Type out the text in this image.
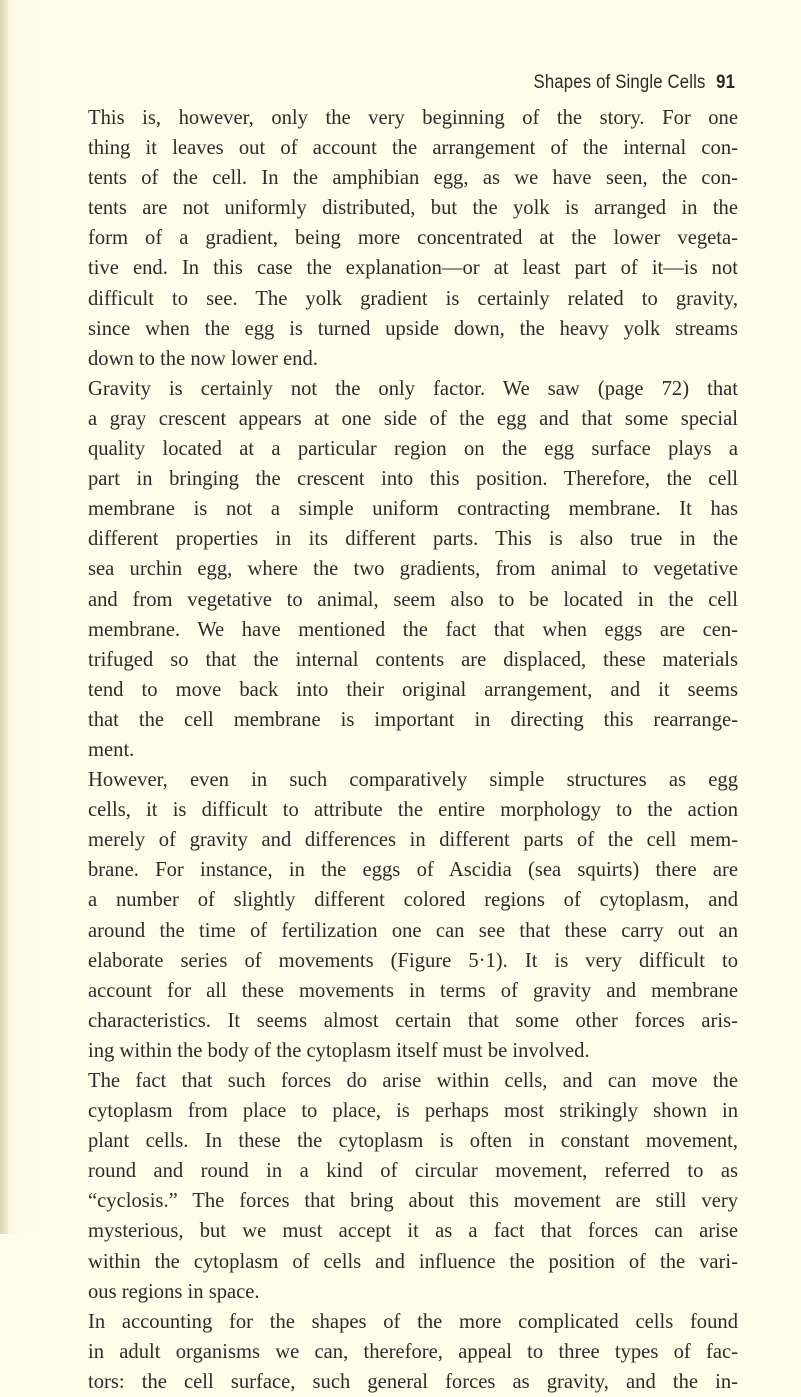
Shapes of Single Cells 91
This is, however, only the very beginning of the story. For one
thing it leaves out of account the arrangement of the internal con-
tents of the cell. In the amphibian egg, as we have seen, the con-
tents are not uniformly distributed, but the yolk is arranged in the
form of a gradient, being more concentrated at the lower vegeta-
tive end. In this case the explanation—or at least part of it—is not
difficult to see. The yolk gradient is certainly related to gravity,
since when the egg is turned upside down, the heavy yolk streams
down to the now lower end.
Gravity is certainly not the only factor. We saw (page 72) that
a gray crescent appears at one side of the egg and that some special
quality located at a particular region on the egg surface plays a
part in bringing the crescent into this position. Therefore, the cell
membrane is not a simple uniform contracting membrane. It has
different properties in its different parts. This is also true in the
sea urchin egg, where the two gradients, from animal to vegetative
and from vegetative to animal, seem also to be located in the cell
membrane. We have mentioned the fact that when eggs are cen-
trifuged so that the internal contents are displaced, these materials
tend to move back into their original arrangement, and it seems
that the cell membrane is important in directing this rearrange-
ment.
However, even in such comparatively simple structures as egg
cells, it is difficult to attribute the entire morphology to the action
merely of gravity and differences in different parts of the cell mem-
brane. For instance, in the eggs of Ascidia (sea squirts) there are
a number of slightly different colored regions of cytoplasm, and
around the time of fertilization one can see that these carry out an
elaborate series of movements (Figure 5·1). It is very difficult to
account for all these movements in terms of gravity and membrane
characteristics. It seems almost certain that some other forces aris-
ing within the body of the cytoplasm itself must be involved.
The fact that such forces do arise within cells, and can move the
cytoplasm from place to place, is perhaps most strikingly shown in
plant cells. In these the cytoplasm is often in constant movement,
round and round in a kind of circular movement, referred to as
“cyclosis.” The forces that bring about this movement are still very
mysterious, but we must accept it as a fact that forces can arise
within the cytoplasm of cells and influence the position of the vari-
ous regions in space.
In accounting for the shapes of the more complicated cells found
in adult organisms we can, therefore, appeal to three types of fac-
tors: the cell surface, such general forces as gravity, and the in-
